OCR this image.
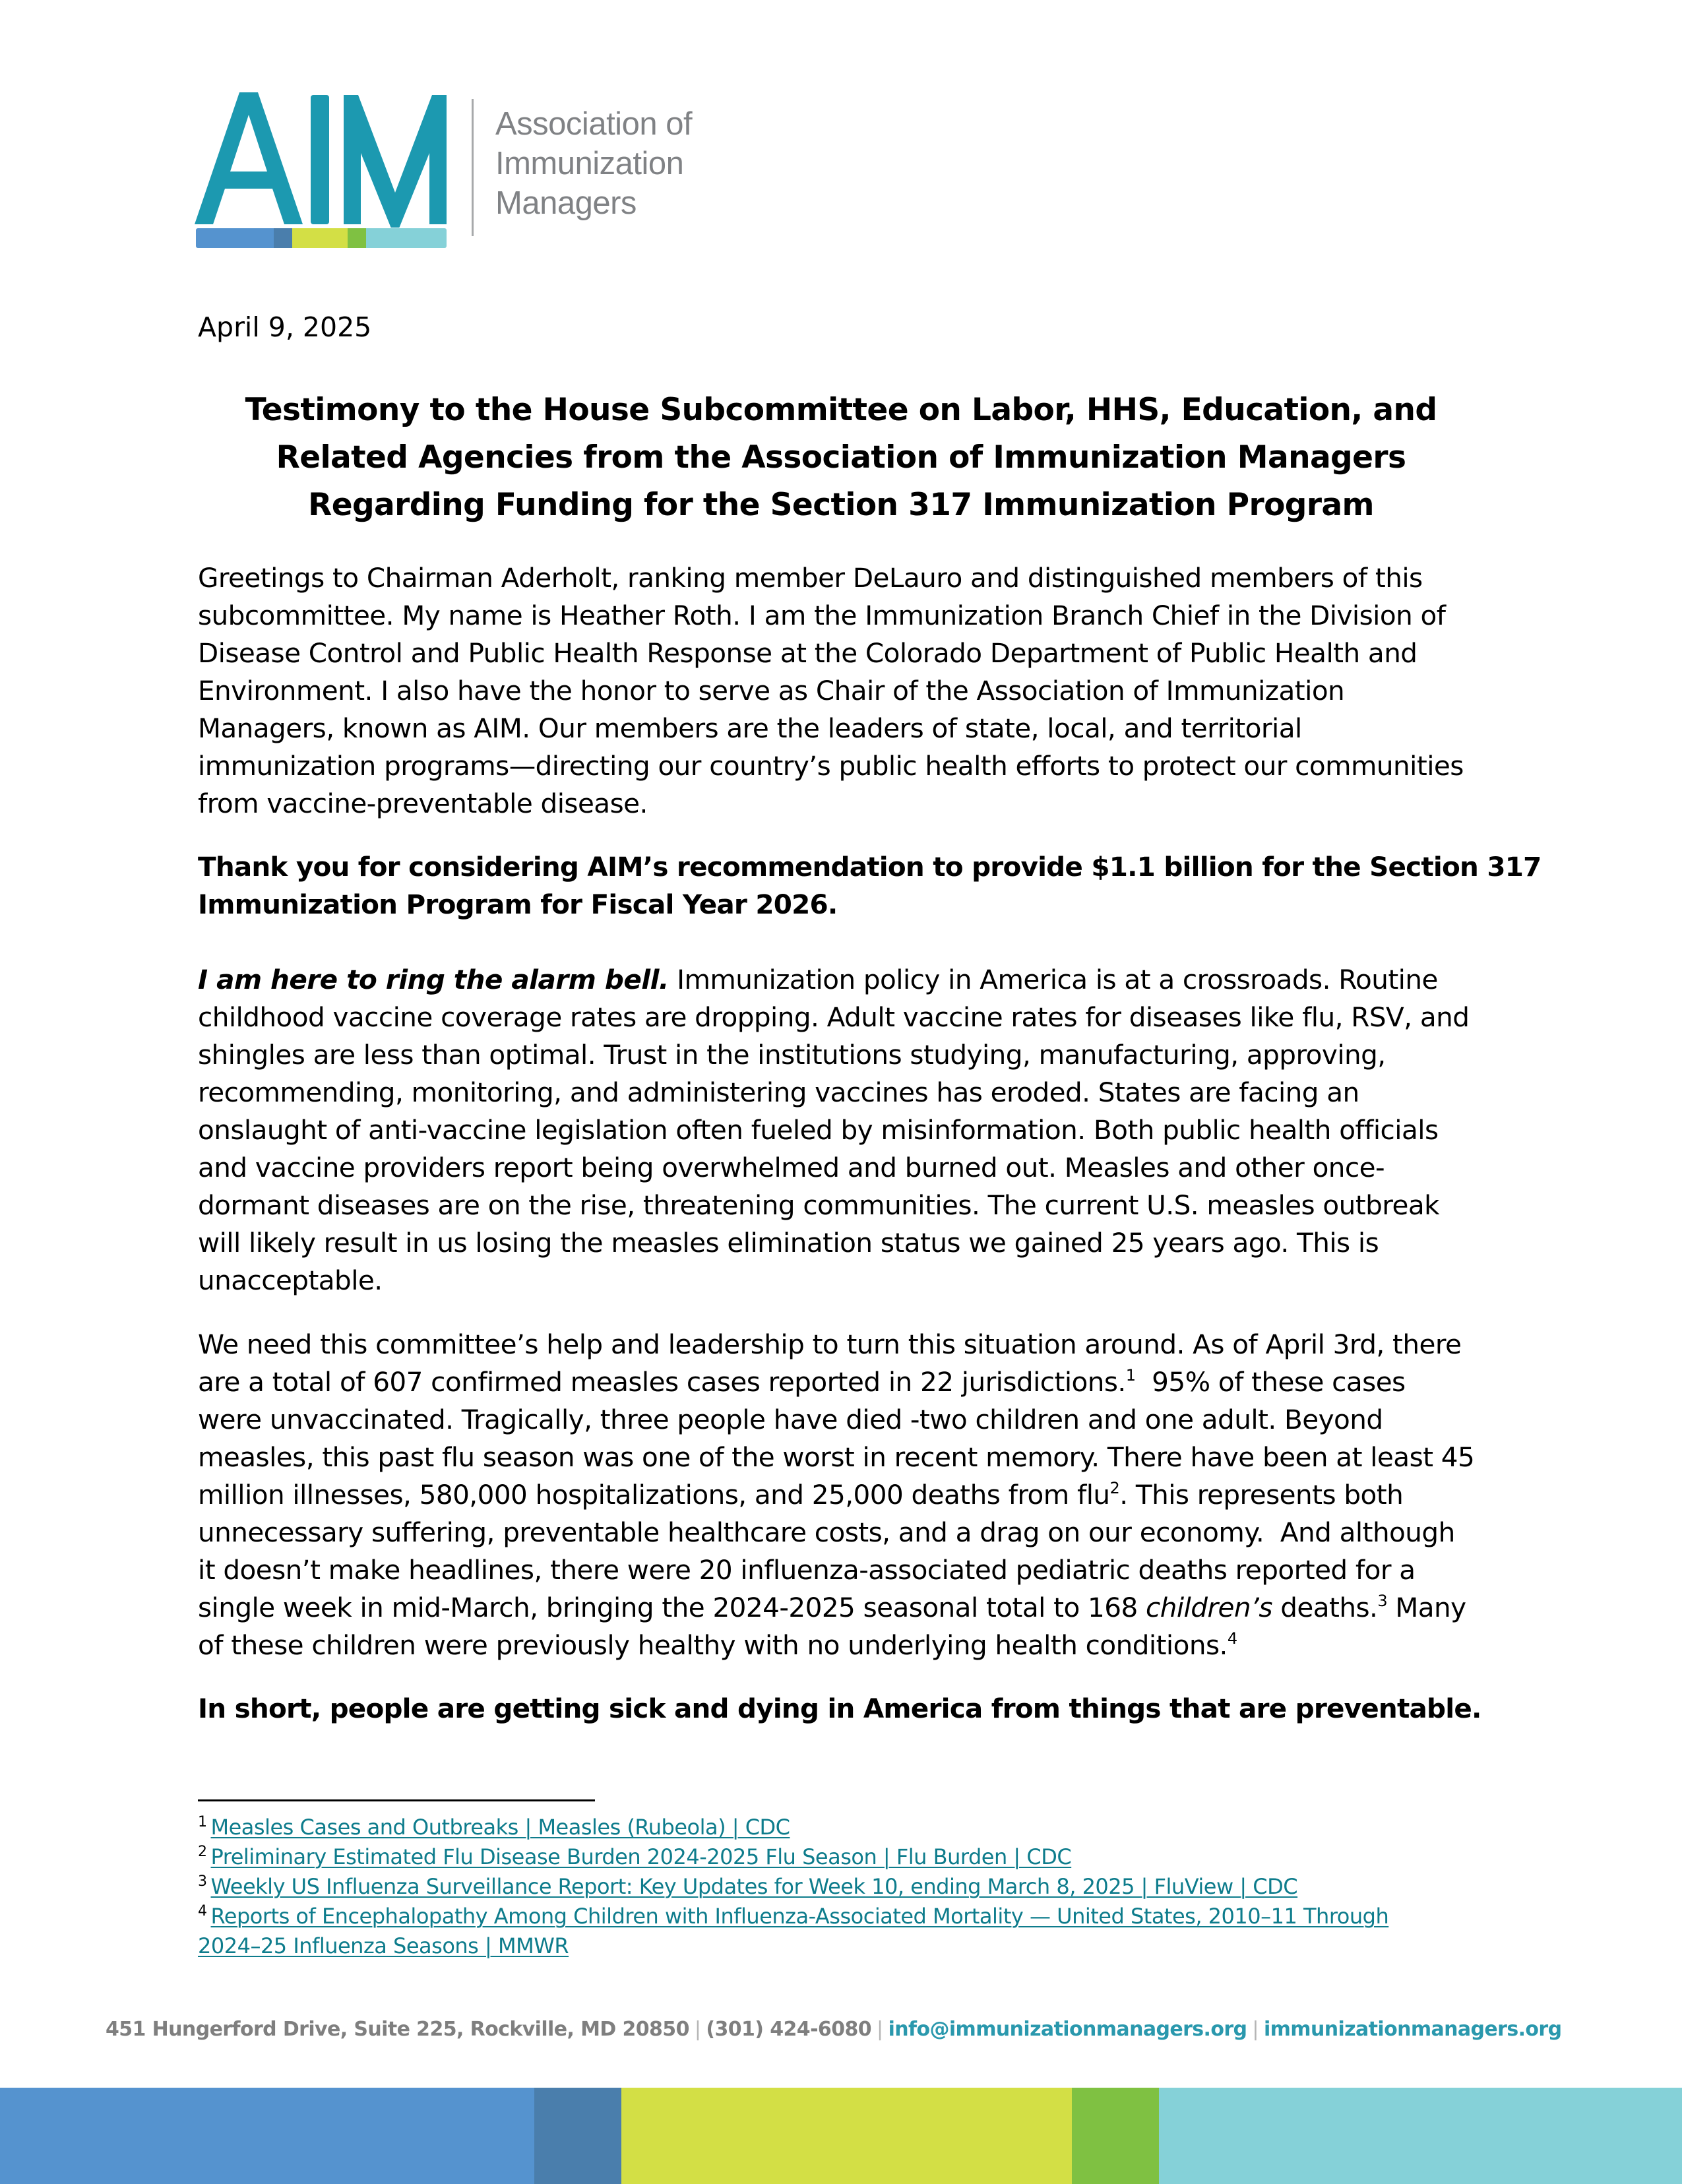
Association of
Immunization
Managers
April 9, 2025
Testimony to the House Subcommittee on Labor, HHS, Education, and
Related Agencies from the Association of Immunization Managers
Regarding Funding for the Section 317 Immunization Program
Greetings to Chairman Aderholt, ranking member DeLauro and distinguished members of this
subcommittee. My name is Heather Roth. I am the Immunization Branch Chief in the Division of
Disease Control and Public Health Response at the Colorado Department of Public Health and
Environment. I also have the honor to serve as Chair of the Association of Immunization
Managers, known as AIM. Our members are the leaders of state, local, and territorial
immunization programs—directing our country’s public health efforts to protect our communities
from vaccine-preventable disease.
Thank you for considering AIM’s recommendation to provide $1.1 billion for the Section 317
Immunization Program for Fiscal Year 2026.
I am here to ring the alarm bell. Immunization policy in America is at a crossroads. Routine
childhood vaccine coverage rates are dropping. Adult vaccine rates for diseases like flu, RSV, and
shingles are less than optimal. Trust in the institutions studying, manufacturing, approving,
recommending, monitoring, and administering vaccines has eroded. States are facing an
onslaught of anti-vaccine legislation often fueled by misinformation. Both public health officials
and vaccine providers report being overwhelmed and burned out. Measles and other once-
dormant diseases are on the rise, threatening communities. The current U.S. measles outbreak
will likely result in us losing the measles elimination status we gained 25 years ago. This is
unacceptable.
We need this committee’s help and leadership to turn this situation around. As of April 3rd, there
are a total of 607 confirmed measles cases reported in 22 jurisdictions.$^1$  95% of these cases
were unvaccinated. Tragically, three people have died -two children and one adult. Beyond
measles, this past flu season was one of the worst in recent memory. There have been at least 45
million illnesses, 580,000 hospitalizations, and 25,000 deaths from flu$^2$. This represents both
unnecessary suffering, preventable healthcare costs, and a drag on our economy.  And although
it doesn’t make headlines, there were 20 influenza-associated pediatric deaths reported for a
single week in mid-March, bringing the 2024-2025 seasonal total to 168 children’s deaths.$^3$ Many
of these children were previously healthy with no underlying health conditions.$^4$
In short, people are getting sick and dying in America from things that are preventable.
$^1$ Measles Cases and Outbreaks | Measles (Rubeola) | CDC
$^2$ Preliminary Estimated Flu Disease Burden 2024-2025 Flu Season | Flu Burden | CDC
$^3$ Weekly US Influenza Surveillance Report: Key Updates for Week 10, ending March 8, 2025 | FluView | CDC
$^4$ Reports of Encephalopathy Among Children with Influenza-Associated Mortality — United States, 2010–11 Through
2024–25 Influenza Seasons | MMWR
451 Hungerford Drive, Suite 225, Rockville, MD 20850 | (301) 424-6080 | info@immunizationmanagers.org | immunizationmanagers.org
